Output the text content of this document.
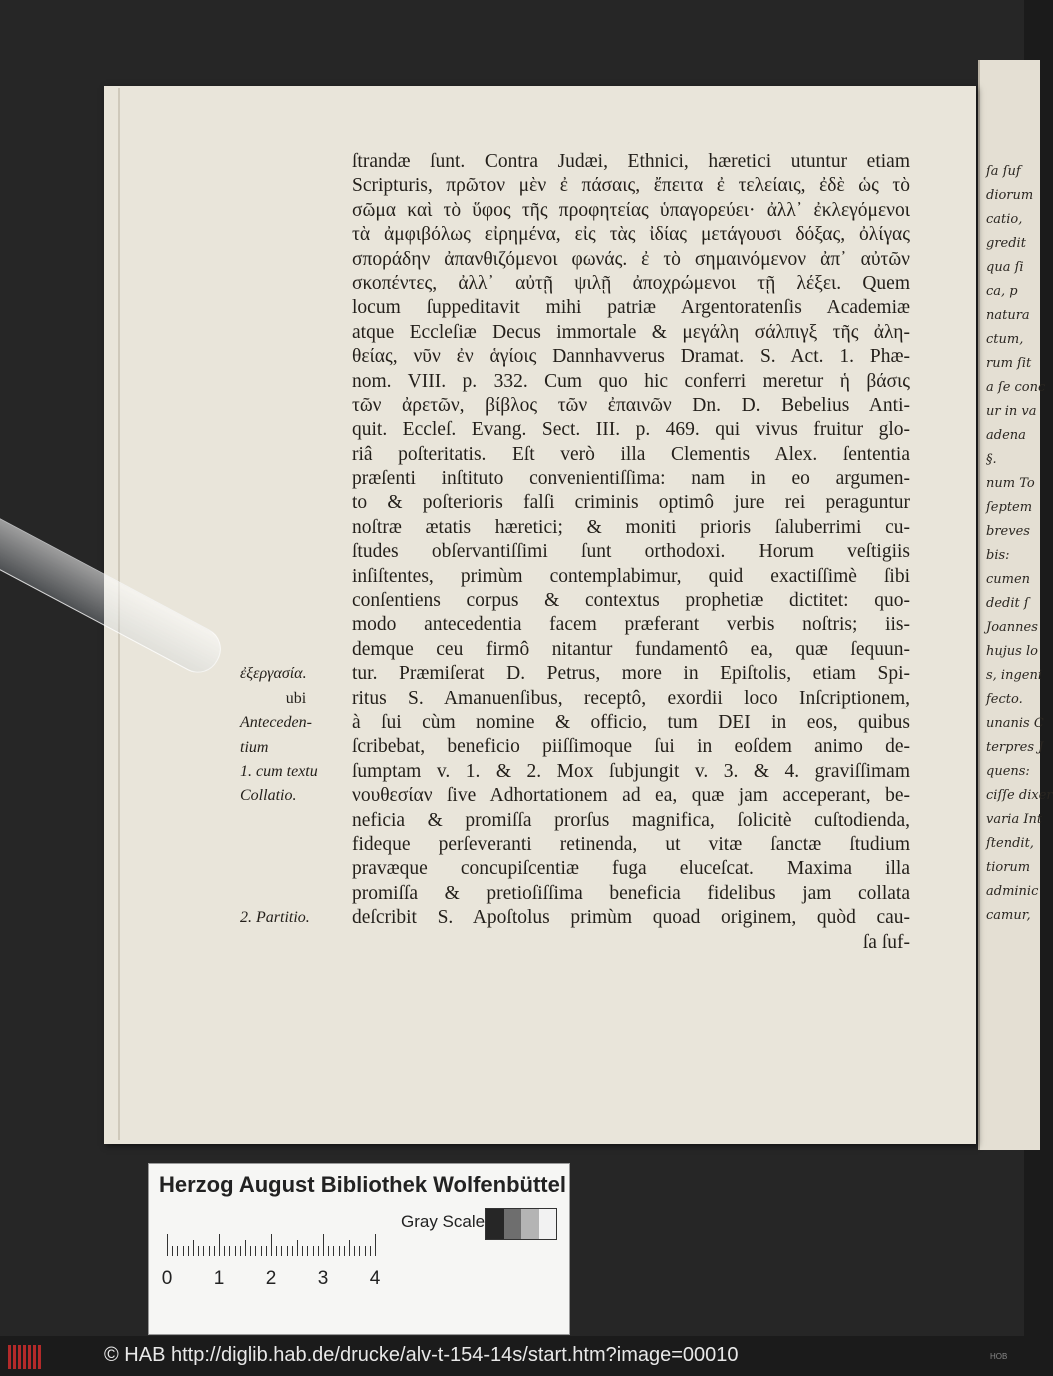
ſa ſuf
diorum
catio,
gredit
qua ſi
ca, p
natura
ctum,
rum ſit
a ſe conc
ur in va
adena
§.
num To
ſeptem
breves
bis:
cumen
dedit ſ
Joannes
hujus lo
s, ingeni
fecto.
unanis C
terpres J
quens:
ciſſe dixer
varia Int
ſtendit,
tiorum
adminic
camur,
ἐξεργασία.
ubi
Anteceden-
tium
1. cum textu
Collatio.
2. Partitio.
ſtrandæ ſunt. Contra Judæi, Ethnici, hæretici utuntur etiam
Scripturis, πρῶτον μὲν ἐ πάσαις, ἔπειτα ἐ τελείαις, ἐδὲ ὡς τὸ
σῶμα καὶ τὸ ὕφος τῆς προφητείας ὑπαγορεύει· ἀλλ᾽ ἐκλεγόμενοι
τὰ ἀμφιβόλως εἰρημένα, εἰς τὰς ἰδίας μετάγουσι δόξας, ὀλίγας
σποράδην ἀπανθιζόμενοι φωνάς. ἐ τὸ σημαινόμενον ἀπ᾽ αὐτῶν
σκοπέντες, ἀλλ᾽ αὐτῇ ψιλῇ ἀποχρώμενοι τῇ λέξει. Quem
locum ſuppeditavit mihi patriæ Argentoratenſis Academiæ
atque Eccleſiæ Decus immortale & μεγάλη σάλπιγξ τῆς ἀλη-
θείας, νῦν ἐν ἁγίοις Dannhavverus Dramat. S. Act. 1. Phæ-
nom. VIII. p. 332. Cum quo hic conferri meretur ἡ βάσις
τῶν ἀρετῶν, βίβλος τῶν ἐπαινῶν Dn. D. Bebelius Anti-
quit. Eccleſ. Evang. Sect. III. p. 469. qui vivus fruitur glo-
riâ poſteritatis. Eſt verò illa Clementis Alex. ſententia
præſenti inſtituto convenientiſſima: nam in eo argumen-
to & poſterioris falſi criminis optimô jure rei peraguntur
noſtræ ætatis hæretici; & moniti prioris ſaluberrimi cu-
ſtudes obſervantiſſimi ſunt orthodoxi. Horum veſtigiis
inſiſtentes, primùm contemplabimur, quid exactiſſimè ſibi
conſentiens corpus & contextus prophetiæ dictitet: quo-
modo antecedentia facem præferant verbis noſtris; iis-
demque ceu firmô nitantur fundamentô ea, quæ ſequun-
tur. Præmiſerat D. Petrus, more in Epiſtolis, etiam Spi-
ritus S. Amanuenſibus, receptô, exordii loco Inſcriptionem,
à ſui cùm nomine & officio, tum DEI in eos, quibus
ſcribebat, beneficio piiſſimoque ſui in eoſdem animo de-
ſumptam v. 1. & 2. Mox ſubjungit v. 3. & 4. graviſſimam
νουθεσίαν ſive Adhortationem ad ea, quæ jam acceperant, be-
neficia & promiſſa prorſus magnifica, ſolicitè cuſtodienda,
fideque perſeveranti retinenda, ut vitæ ſanctæ ſtudium
pravæque concupiſcentiæ fuga eluceſcat. Maxima illa
promiſſa & pretioſiſſima beneficia fidelibus jam collata
deſcribit S. Apoſtolus primùm quoad originem, quòd cau-
ſa ſuf-
Herzog August Bibliothek Wolfenbüttel
0 1 2 3 4
Gray Scale
© HAB http://diglib.hab.de/drucke/alv-t-154-14s/start.htm?image=00010	HOB
